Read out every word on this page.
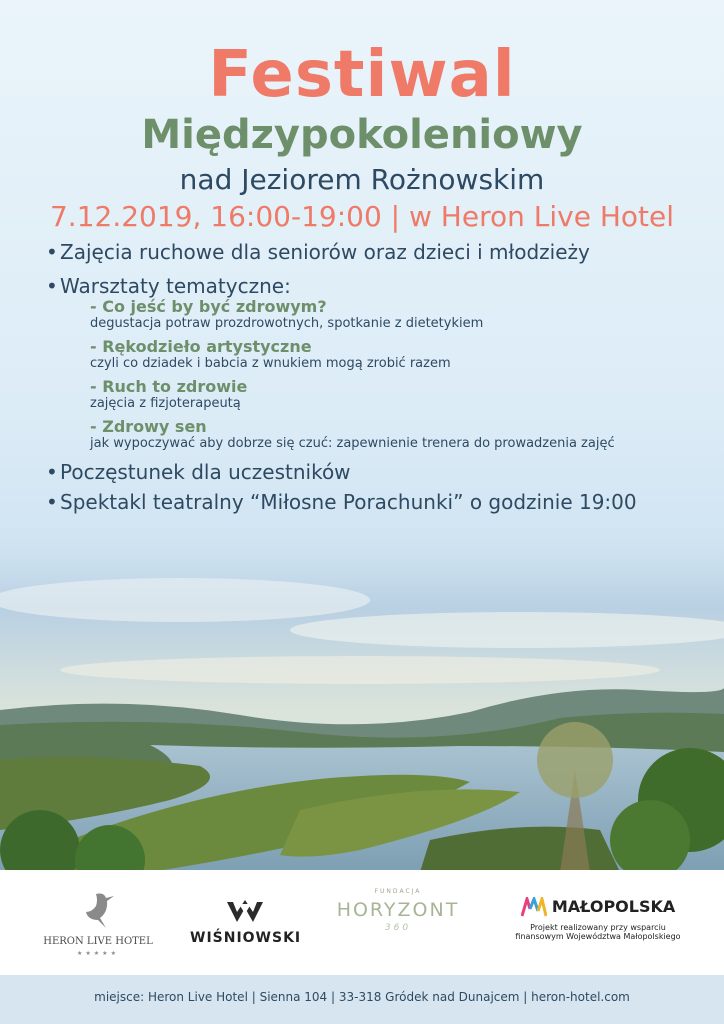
Festiwal
Międzypokoleniowy
nad Jeziorem Rożnowskim
7.12.2019, 16:00-19:00 | w Heron Live Hotel
• Zajęcia ruchowe dla seniorów oraz dzieci i młodzieży
• Warsztaty tematyczne:
- Co jeść by być zdrowym?
degustacja potraw prozdrowotnych, spotkanie z dietetykiem
- Rękodzieło artystyczne
czyli co dziadek i babcia z wnukiem mogą zrobić razem
- Ruch to zdrowie
zajęcia z fizjoterapeutą
- Zdrowy sen
jak wypoczywać aby dobrze się czuć: zapewnienie trenera do prowadzenia zajęć
• Poczęstunek dla uczestników
• Spektakl teatralny “Miłosne Porachunki” o godzinie 19:00
HERON LIVE HOTEL
★★★★★
WIŚNIOWSKI
FUNDACJA
HORYZONT
360
MAŁOPOLSKA
Projekt realizowany przy wsparciu
finansowym Województwa Małopolskiego
miejsce: Heron Live Hotel | Sienna 104 | 33-318 Gródek nad Dunajcem | heron-hotel.com
